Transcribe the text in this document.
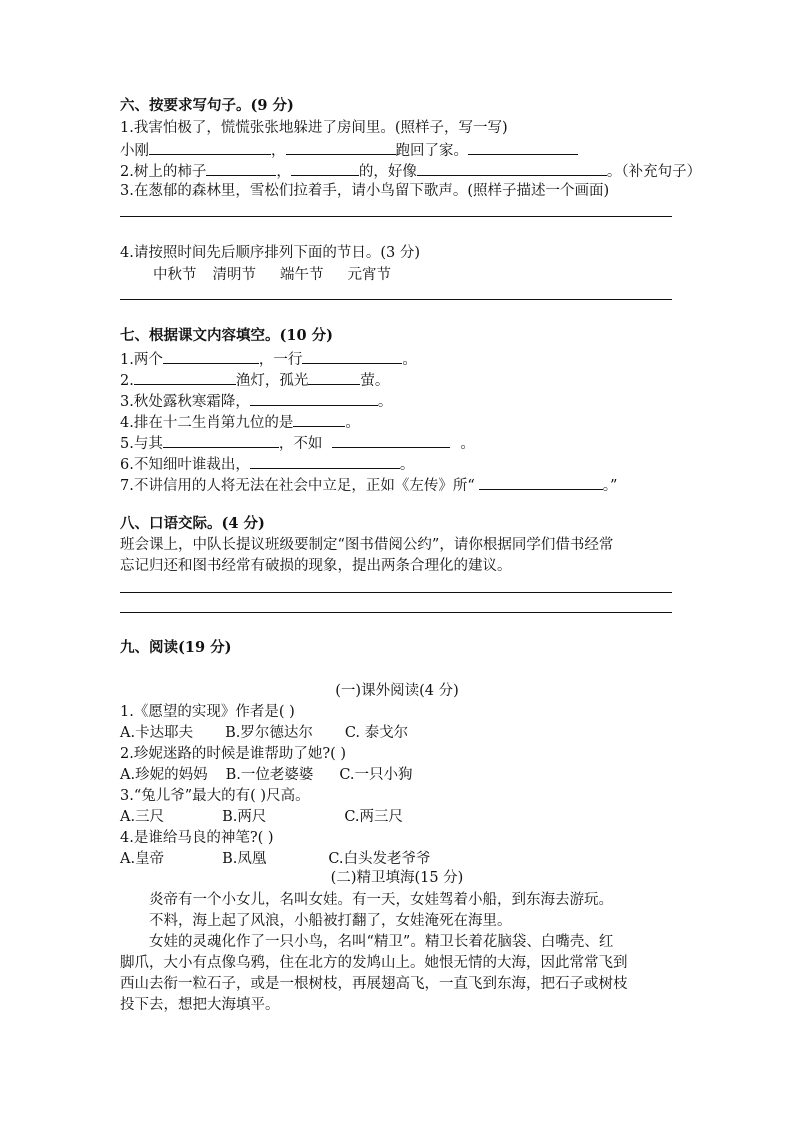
六、按要求写句子。(9 分)
1.我害怕极了，慌慌张张地躲进了房间里。(照样子，写一写)
小刚	，	跑回了家。
2.树上的柿子	，	的，好像	。（补充句子）
3.在葱郁的森林里，雪松们拉着手，请小鸟留下歌声。(照样子描述一个画面)
4.请按照时间先后顺序排列下面的节日。(3 分)
中秋节 清明节 端午节 元宵节
七、根据课文内容填空。(10 分)
1.两个	，一行	。
2.	渔灯，孤光	萤。
3.秋处露秋寒霜降，	。
4.排在十二生肖第九位的是	。
5.与其	，不如	。
6.不知细叶谁裁出，	。
7.不讲信用的人将无法在社会中立足，正如《左传》所“	。”
八、口语交际。(4 分)
班会课上，中队长提议班级要制定“图书借阅公约”，请你根据同学们借书经常
忘记归还和图书经常有破损的现象，提出两条合理化的建议。
九、阅读(19 分)
(一)课外阅读(4 分)
1.《愿望的实现》作者是( )
A.卡达耶夫 B.罗尔德达尔 C. 泰戈尔
2.珍妮迷路的时候是谁帮助了她?( )
A.珍妮的妈妈 B.一位老婆婆 C.一只小狗
3.“兔儿爷”最大的有( )尺高。
A.三尺	B.两尺	C.两三尺
4.是谁给马良的神笔?( )
A.皇帝	B.凤凰	C.白头发老爷爷
(二)精卫填海(15 分)
炎帝有一个小女儿，名叫女娃。有一天，女娃驾着小船，到东海去游玩。
不料，海上起了风浪，小船被打翻了，女娃淹死在海里。
女娃的灵魂化作了一只小鸟，名叫“精卫”。精卫长着花脑袋、白嘴壳、红
脚爪，大小有点像乌鸦，住在北方的发鸠山上。她恨无情的大海，因此常常飞到
西山去衔一粒石子，或是一根树枝，再展翅高飞，一直飞到东海，把石子或树枝
投下去，想把大海填平。
